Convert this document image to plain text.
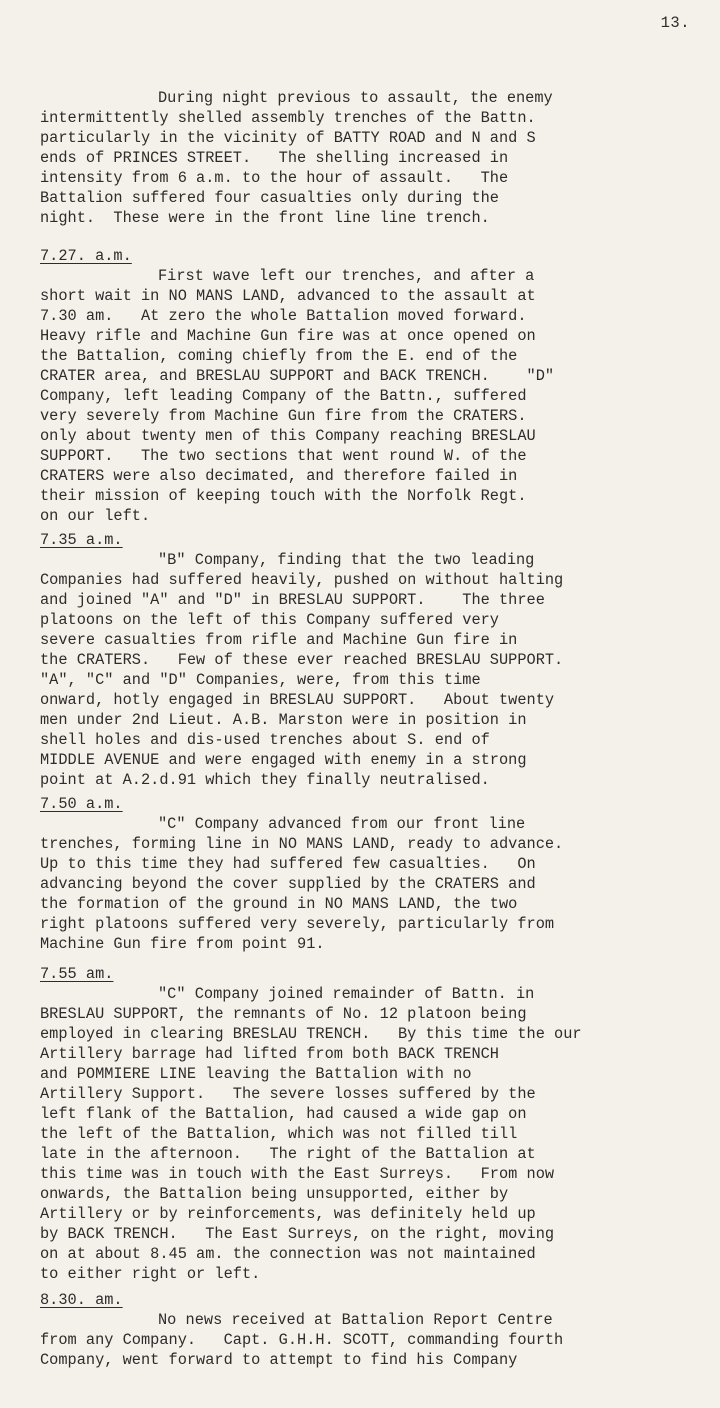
13.
During night previous to assault, the enemy
intermittently shelled assembly trenches of the Battn.
particularly in the vicinity of BATTY ROAD and N and S
ends of PRINCES STREET.   The shelling increased in
intensity from 6 a.m. to the hour of assault.   The
Battalion suffered four casualties only during the
night.  These were in the front line line trench.
7.27. a.m.
First wave left our trenches, and after a
short wait in NO MANS LAND, advanced to the assault at
7.30 am.   At zero the whole Battalion moved forward.
Heavy rifle and Machine Gun fire was at once opened on
the Battalion, coming chiefly from the E. end of the
CRATER area, and BRESLAU SUPPORT and BACK TRENCH.    "D"
Company, left leading Company of the Battn., suffered
very severely from Machine Gun fire from the CRATERS.
only about twenty men of this Company reaching BRESLAU
SUPPORT.   The two sections that went round W. of the
CRATERS were also decimated, and therefore failed in
their mission of keeping touch with the Norfolk Regt.
on our left.
7.35 a.m.
"B" Company, finding that the two leading
Companies had suffered heavily, pushed on without halting
and joined "A" and "D" in BRESLAU SUPPORT.    The three
platoons on the left of this Company suffered very
severe casualties from rifle and Machine Gun fire in
the CRATERS.   Few of these ever reached BRESLAU SUPPORT.
"A", "C" and "D" Companies, were, from this time
onward, hotly engaged in BRESLAU SUPPORT.   About twenty
men under 2nd Lieut. A.B. Marston were in position in
shell holes and dis-used trenches about S. end of
MIDDLE AVENUE and were engaged with enemy in a strong
point at A.2.d.91 which they finally neutralised.
7.50 a.m.
"C" Company advanced from our front line
trenches, forming line in NO MANS LAND, ready to advance.
Up to this time they had suffered few casualties.   On
advancing beyond the cover supplied by the CRATERS and
the formation of the ground in NO MANS LAND, the two
right platoons suffered very severely, particularly from
Machine Gun fire from point 91.
7.55 am.
"C" Company joined remainder of Battn. in
BRESLAU SUPPORT, the remnants of No. 12 platoon being
employed in clearing BRESLAU TRENCH.   By this time the our
Artillery barrage had lifted from both BACK TRENCH
and POMMIERE LINE leaving the Battalion with no
Artillery Support.   The severe losses suffered by the
left flank of the Battalion, had caused a wide gap on
the left of the Battalion, which was not filled till
late in the afternoon.   The right of the Battalion at
this time was in touch with the East Surreys.   From now
onwards, the Battalion being unsupported, either by
Artillery or by reinforcements, was definitely held up
by BACK TRENCH.   The East Surreys, on the right, moving
on at about 8.45 am. the connection was not maintained
to either right or left.
8.30. am.
No news received at Battalion Report Centre
from any Company.   Capt. G.H.H. SCOTT, commanding fourth
Company, went forward to attempt to find his Company
